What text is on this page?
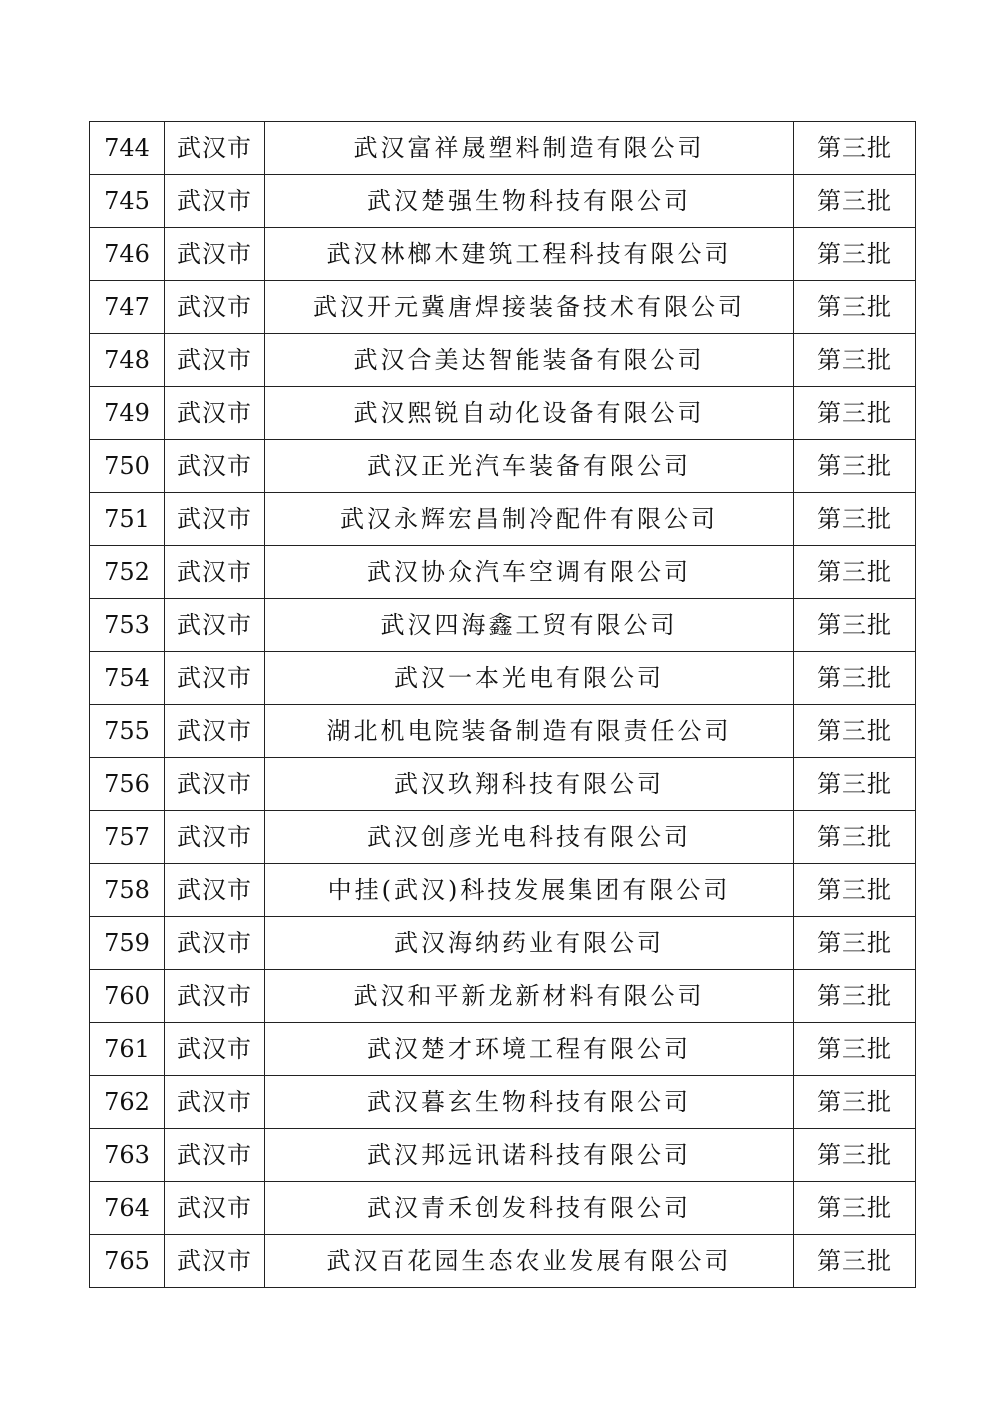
744	武汉市	武汉富祥晟塑料制造有限公司	第三批
745	武汉市	武汉楚强生物科技有限公司	第三批
746	武汉市	武汉林榔木建筑工程科技有限公司	第三批
747	武汉市	武汉开元冀唐焊接装备技术有限公司	第三批
748	武汉市	武汉合美达智能装备有限公司	第三批
749	武汉市	武汉熙锐自动化设备有限公司	第三批
750	武汉市	武汉正光汽车装备有限公司	第三批
751	武汉市	武汉永辉宏昌制冷配件有限公司	第三批
752	武汉市	武汉协众汽车空调有限公司	第三批
753	武汉市	武汉四海鑫工贸有限公司	第三批
754	武汉市	武汉一本光电有限公司	第三批
755	武汉市	湖北机电院装备制造有限责任公司	第三批
756	武汉市	武汉玖翔科技有限公司	第三批
757	武汉市	武汉创彦光电科技有限公司	第三批
758	武汉市	中挂(武汉)科技发展集团有限公司	第三批
759	武汉市	武汉海纳药业有限公司	第三批
760	武汉市	武汉和平新龙新材料有限公司	第三批
761	武汉市	武汉楚才环境工程有限公司	第三批
762	武汉市	武汉暮玄生物科技有限公司	第三批
763	武汉市	武汉邦远讯诺科技有限公司	第三批
764	武汉市	武汉青禾创发科技有限公司	第三批
765	武汉市	武汉百花园生态农业发展有限公司	第三批
